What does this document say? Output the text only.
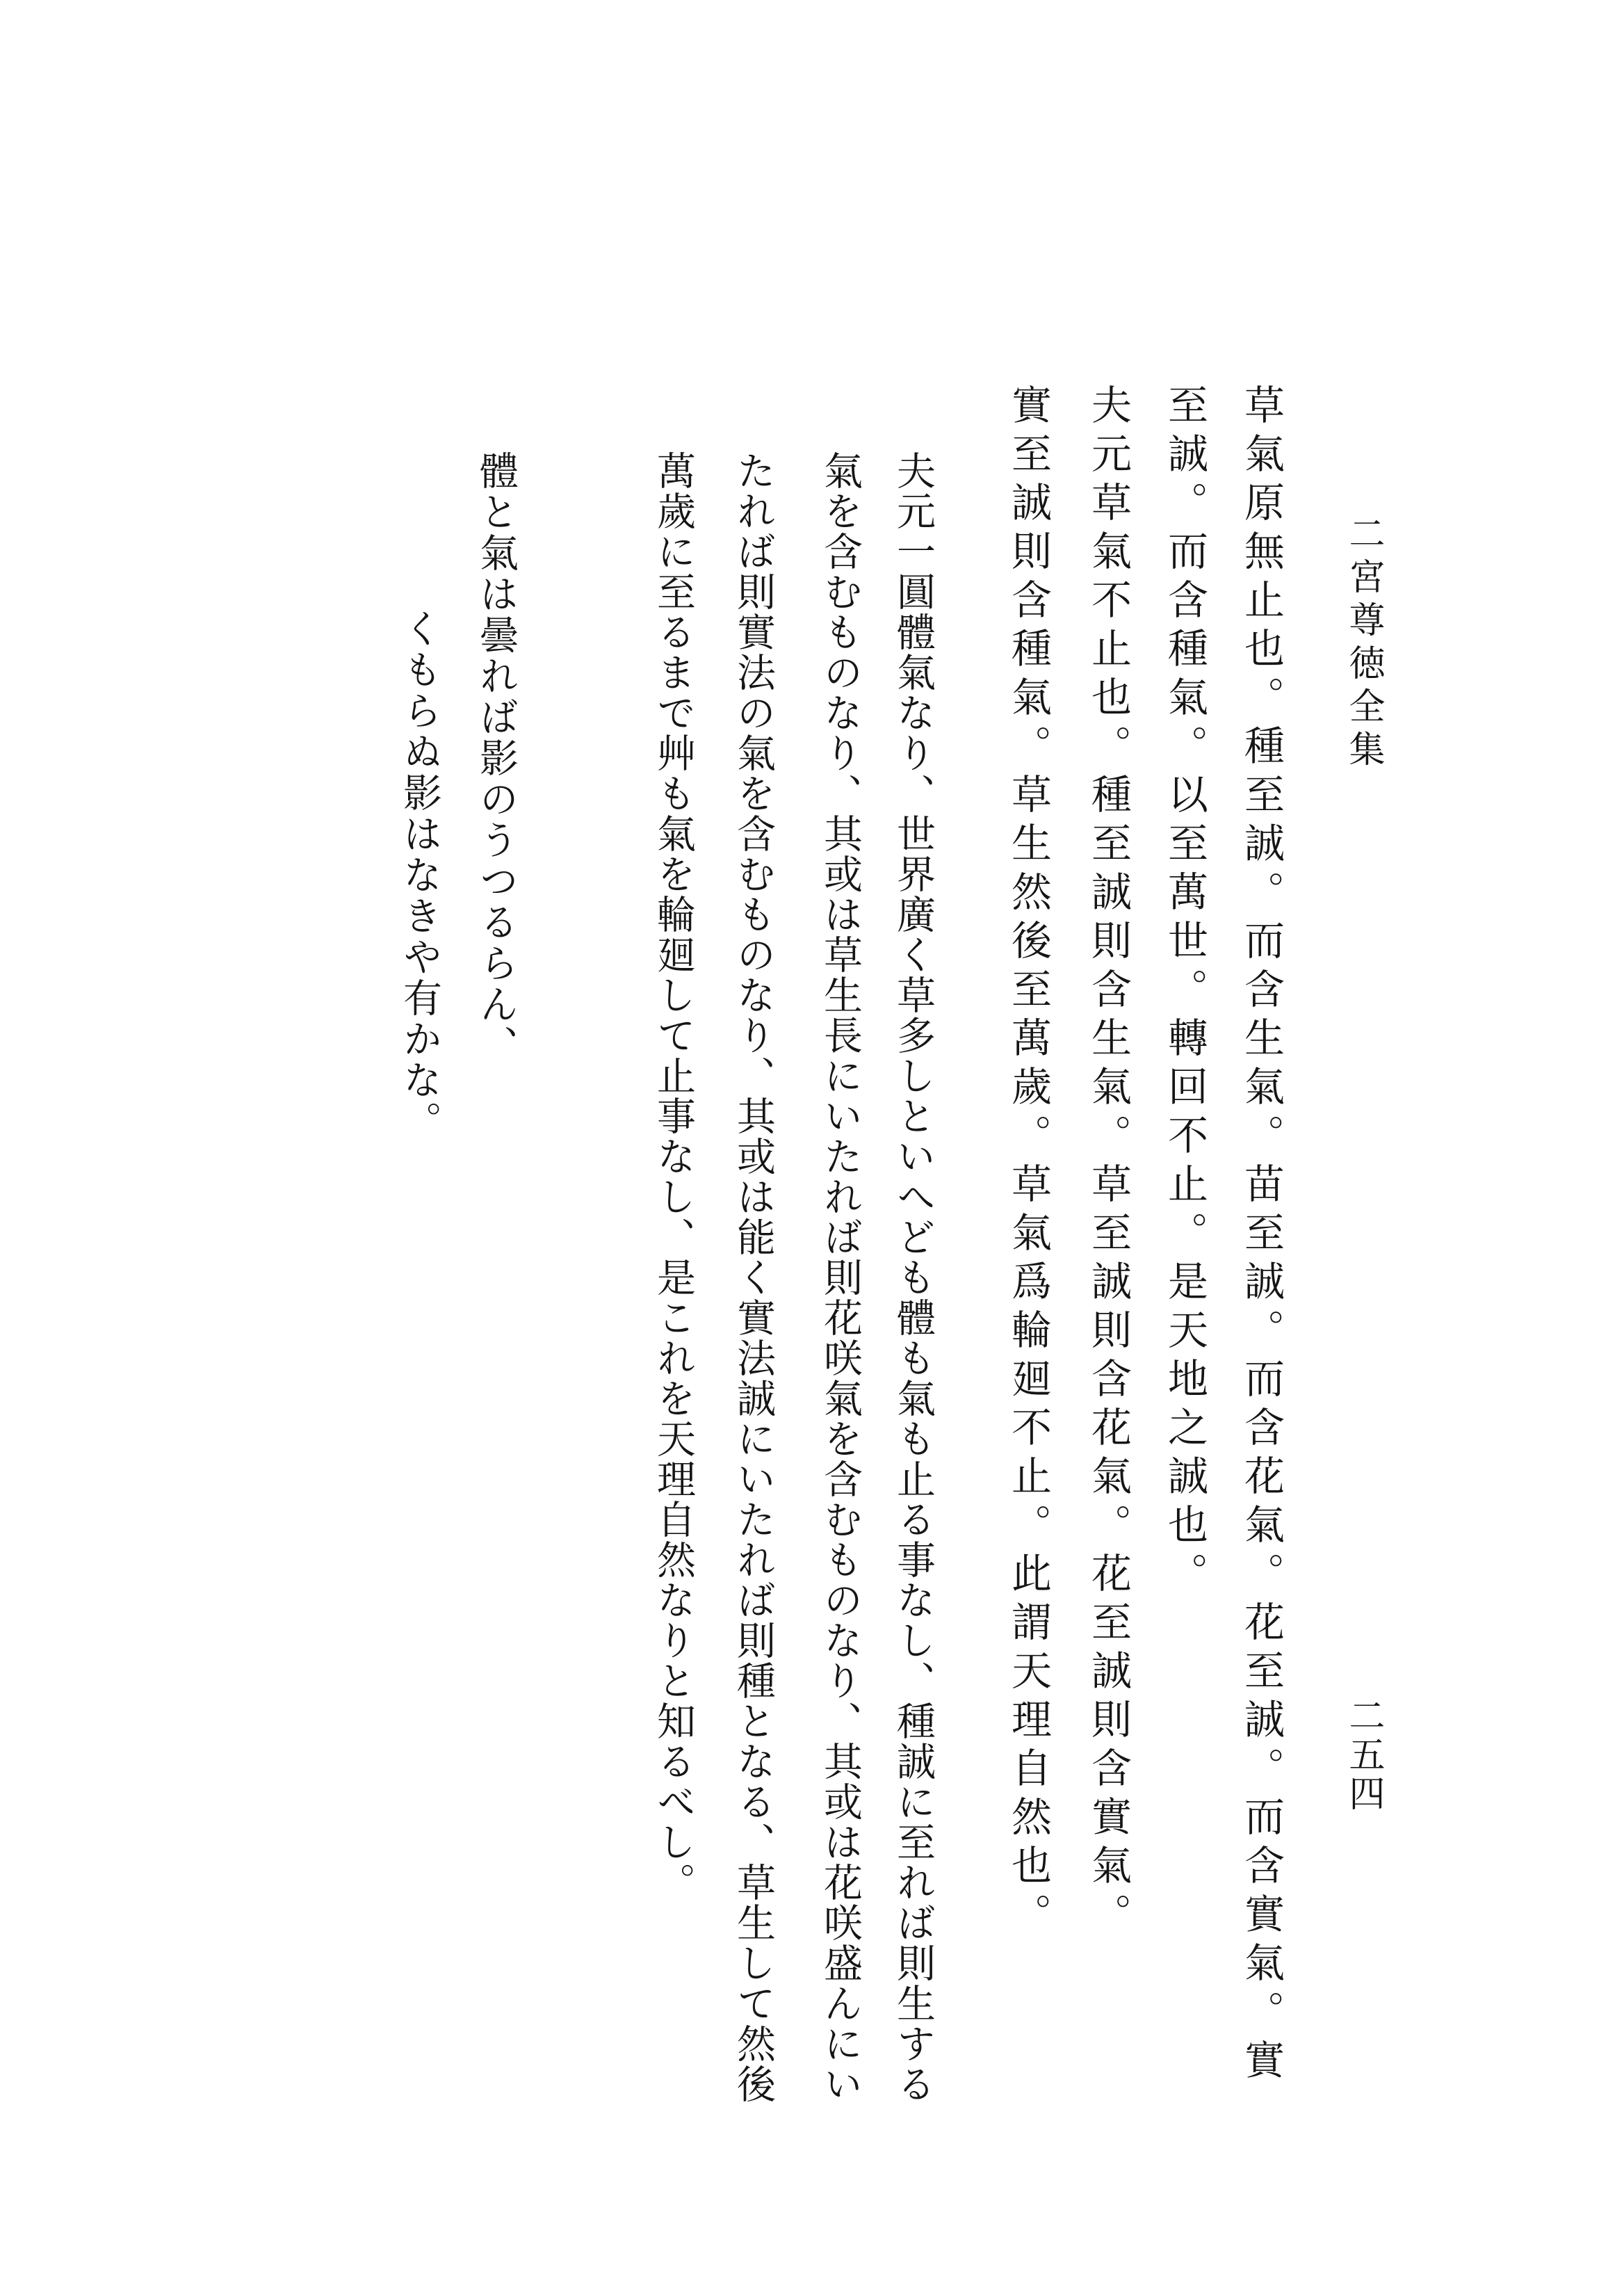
二宮尊徳全集
二五四
草氣原無止也。種至誠。而含生氣。苗至誠。而含花氣。花至誠。而含實氣。實
至誠。而含種氣。以至萬世。轉回不止。是天地之誠也。
夫元草氣不止也。種至誠則含生氣。草至誠則含花氣。花至誠則含實氣。
實至誠則含種氣。草生然後至萬歲。草氣爲輪廻不止。此謂天理自然也。
夫元一圓體氣なり、世界廣く草多しといへども體も氣も止る事なし、種誠に至れば則生する
氣を含むものなり、其或は草生長にいたれば則花咲氣を含むものなり、其或は花咲盛んにい
たれば則實法の氣を含むものなり、其或は能く實法誠にいたれば則種となる、草生して然後
萬歲に至るまで艸も氣を輪廻して止事なし、是これを天理自然なりと知るべし。
體と氣は曇れば影のうつるらん、
くもらぬ影はなきや有かな。
